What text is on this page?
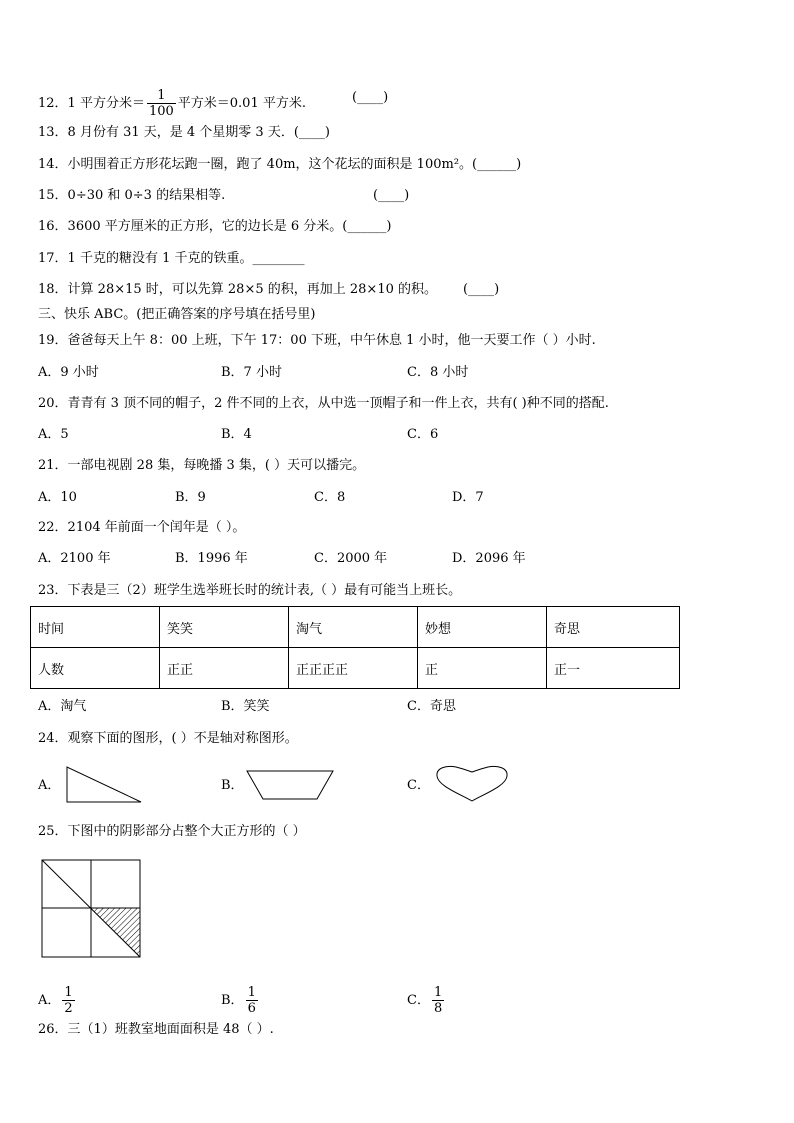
12．1 平方分米＝ $\frac{1}{100}$ 平方米＝0.01 平方米.	(____)
13．8 月份有 31 天，是 4 个星期零 3 天．(____)
14．小明围着正方形花坛跑一圈，跑了 40m，这个花坛的面积是 100m²。(______)
15．0÷30 和 0÷3 的结果相等.	(____)
16．3600 平方厘米的正方形，它的边长是 6 分米。(______)
17．1 千克的糖没有 1 千克的铁重。________
18．计算 28×15 时，可以先算 28×5 的积，再加上 28×10 的积。 (____)
三、快乐 ABC。(把正确答案的序号填在括号里)
19．爸爸每天上午 8：00 上班，下午 17：00 下班，中午休息 1 小时，他一天要工作（ ）小时.
A．9 小时	B．7 小时	C．8 小时
20．青青有 3 顶不同的帽子，2 件不同的上衣，从中选一顶帽子和一件上衣，共有( )种不同的搭配.
A．5	B．4	C．6
21．一部电视剧 28 集，每晚播 3 集，( ）天可以播完。
A．10	B．9	C．8	D．7
22．2104 年前面一个闰年是（ ）。
A．2100 年	B．1996 年	C．2000 年	D．2096 年
23．下表是三（2）班学生选举班长时的统计表,（ ）最有可能当上班长。
时间	笑笑	淘气	妙想	奇思
人数	正正	正正正正	正	正一
A．淘气	B．笑笑	C．奇思
24．观察下面的图形，( ）不是轴对称图形。
A．	B．	C．
25．下图中的阴影部分占整个大正方形的（ ）
A． $\frac{1}{2}$	B． $\frac{1}{6}$	C． $\frac{1}{8}$
26．三（1）班教室地面面积是 48（ ）.
